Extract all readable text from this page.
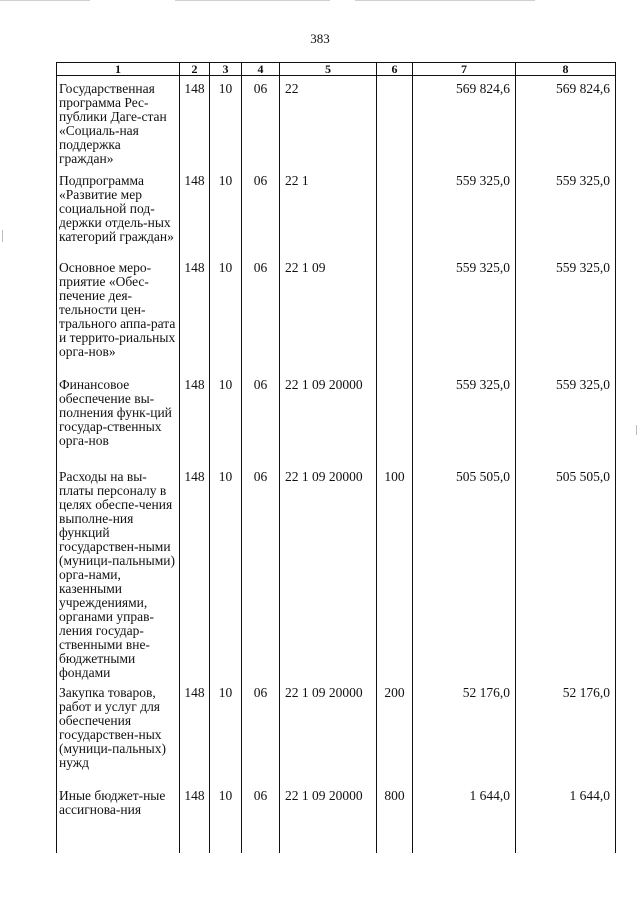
383
1	2	3	4	5	6	7	8
Государственная программа Рес-публики Даге-стан «Социаль-ная поддержка граждан»	148	10	06	22		569 824,6	569 824,6
Подпрограмма «Развитие мер социальной под-держки отдель-ных категорий граждан»	148	10	06	22 1		559 325,0	559 325,0
Основное меро-приятие «Обес-печение дея-тельности цен-трального аппа-рата и террито-риальных орга-нов»	148	10	06	22 1 09		559 325,0	559 325,0
Финансовое обеспечение вы-полнения функ-ций государ-ственных орга-нов	148	10	06	22 1 09 20000		559 325,0	559 325,0
Расходы на вы-платы персоналу в целях обеспе-чения выполне-ния функций государствен-ными (муници-пальными) орга-нами, казенными учреждениями, органами управ-ления государ-ственными вне-бюджетными фондами	148	10	06	22 1 09 20000	100	505 505,0	505 505,0
Закупка товаров, работ и услуг для обеспечения государствен-ных (муници-пальных) нужд	148	10	06	22 1 09 20000	200	52 176,0	52 176,0
Иные бюджет-ные ассигнова-ния	148	10	06	22 1 09 20000	800	1 644,0	1 644,0
